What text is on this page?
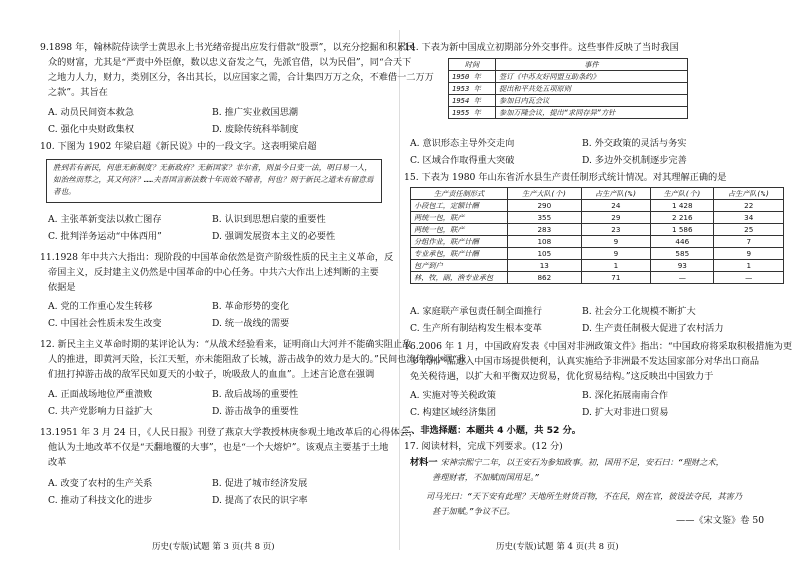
9.1898 年，翰林院侍读学士黄思永上书光绪帝提出应发行借款“股票”，以充分挖掘和积累民
众的财富，尤其是“严责中外臣僚，数以忠义奋发之气，先派官借，以为民倡”，同“合天下
之地力人力，财力，类别区分，各出其长，以应国家之需，合计集四万万之众，不难借一二万万
之款”。其旨在
A. 动员民间资本救急	B. 推广实业救国思潮
C. 强化中央财政集权	D. 废除传统科举制度
10. 下图为 1902 年梁启超《新民说》中的一段文字。这表明梁启超
胜到若有新民，何患无新制度？无新政府？无新国家？非尔者，则虽今日变一法，明日易一人，
如治丝而棼之，其又何济？……夫吾国言新法数十年而效不睹者，何也？则于新民之道未有留意焉
者也。
A. 主张革新变法以救亡图存	B. 认识到思想启蒙的重要性
C. 批判洋务运动“中体西用”	D. 强调发展资本主义的必要性
11.1928 年中共六大指出：现阶段的中国革命依然是资产阶级性质的民主主义革命，反
帝国主义，反封建主义仍然是中国革命的中心任务。中共六大作出上述判断的主要
依据是
A. 党的工作重心发生转移	B. 革命形势的变化
C. 中国社会性质未发生改变	D. 统一战线的需要
12. 新民主主义革命时期的某评论认为：“从战术经验看来，证明商山大河并不能确实阻止敌
人的推进，即黄河天险，长江天堑，亦未能阻敌了长城，游击战争的效力是大的。”民间也流传着小调“我
们扭打掉游击战的敌军民如夏天的小蚊子，吮吸敌人的血血”。上述言论意在强调
A. 正面战场地位严重溃败	B. 敌后战场的重要性
C. 共产党影响力日益扩大	D. 游击战争的重要性
13.1951 年 3 月 24 日，《人民日报》刊登了燕京大学教授林庚参观土地改革后的心得体会，
他认为土地改革不仅是“天翻地覆的大事”，也是“一个大熔炉”。该观点主要基于土地
改革
A. 改变了农村的生产关系	B. 促进了城市经济发展
C. 推动了科技文化的进步	D. 提高了农民的识字率
历史(专版)试题 第 3 页(共 8 页)
14. 下表为新中国成立初期部分外交事件。这些事件反映了当时我国
时间	事件
1950 年	签订《中苏友好同盟互助条约》
1953 年	提出和平共处五项原则
1954 年	参加日内瓦会议
1955 年	参加万隆会议，提出“求同存异”方针
A. 意识形态主导外交走向	B. 外交政策的灵活与务实
C. 区域合作取得重大突破	D. 多边外交机制逐步完善
15. 下表为 1980 年山东省沂水县生产责任制形式统计情况。对其理解正确的是
生产责任制形式	生产大队(个)	占生产队(%)	生产队(个)	占生产队(%)
小段包工，定额计酬	290	24	1 428	22
两统一包，联产	355	29	2 216	34
两统一包，联产	283	23	1 586	25
分组作业，联产计酬	108	9	446	7
专业承包，联产计酬	105	9	585	9
包产到户	13	1	93	1
林，牧，副，渔专业承包	862	71	—	—
A. 家庭联产承包责任制全面推行	B. 社会分工化规模不断扩大
C. 生产所有制结构发生根本变革	D. 生产责任制极大促进了农村活力
16.2006 年 1 月，中国政府发表《中国对非洲政策文件》指出：“中国政府将采取积极措施为更
多非洲产品进入中国市场提供便利，认真实施给予非洲最不发达国家部分对华出口商品
免关税待遇，以扩大和平衡双边贸易，优化贸易结构。”这反映出中国致力于
A. 实施对等关税政策	B. 深化拓展南南合作
C. 构建区域经济集团	D. 扩大对非进口贸易
二、非选择题：本题共 4 小题，共 52 分。
17. 阅读材料，完成下列要求。(12 分)
材料一 宋神宗熙宁二年，以王安石为参知政事。初，国用不足，安石曰：“理财之术，
善理财者，不加赋而国用足。”
司马光曰：“天下安有此理？天地所生财货百物，不在民，则在官，彼设法夺民，其害乃
甚于加赋。”争议不已。
——《宋文鉴》卷 50
历史(专版)试题 第 4 页(共 8 页)
